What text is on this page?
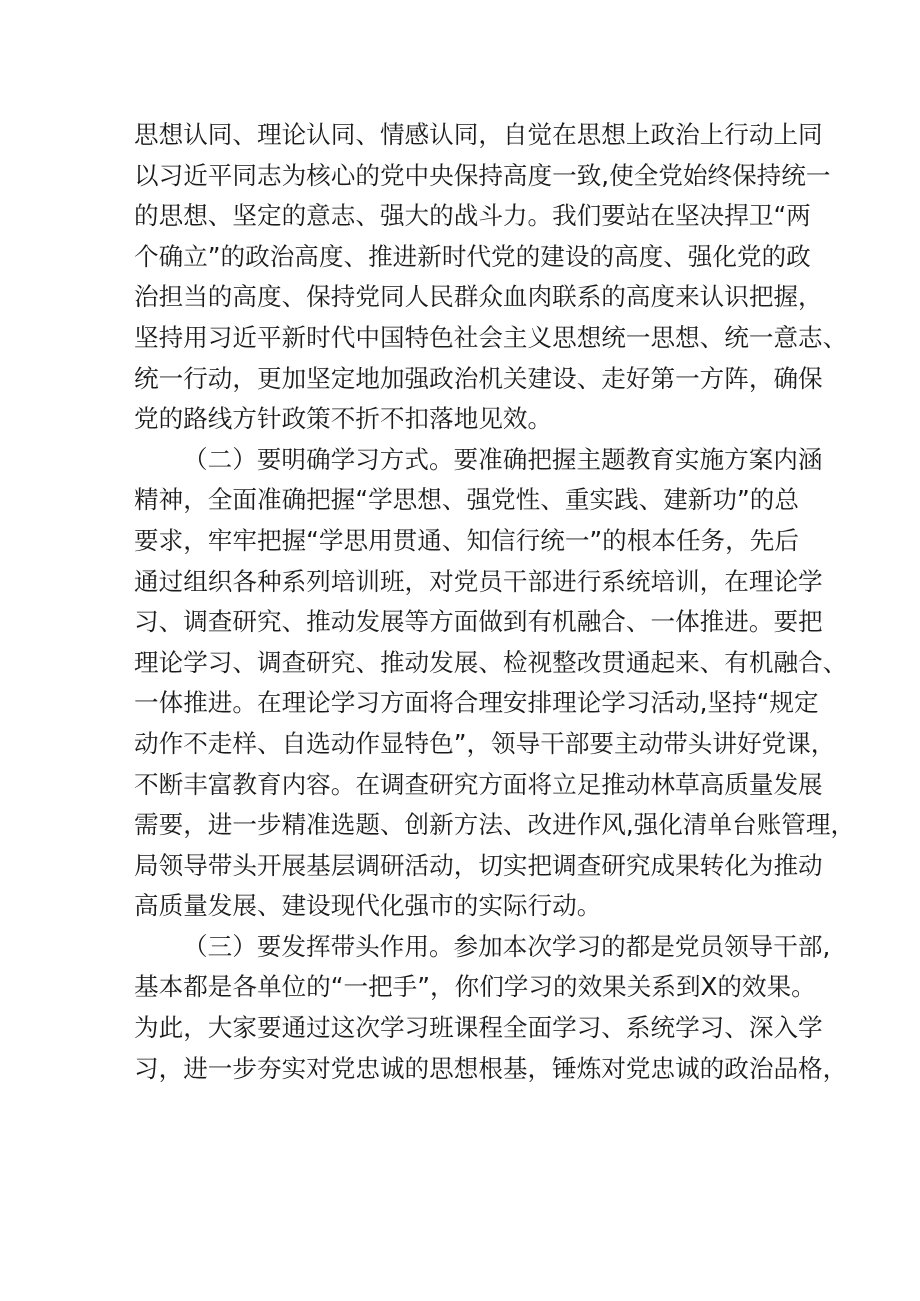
思想认同、理论认同、情感认同，自觉在思想上政治上行动上同
以习近平同志为核心的党中央保持高度一致,使全党始终保持统一
的思想、坚定的意志、强大的战斗力。我们要站在坚决捍卫“两
个确立”的政治高度、推进新时代党的建设的高度、强化党的政
治担当的高度、保持党同人民群众血肉联系的高度来认识把握，
坚持用习近平新时代中国特色社会主义思想统一思想、统一意志、
统一行动，更加坚定地加强政治机关建设、走好第一方阵，确保
党的路线方针政策不折不扣落地见效。
（二）要明确学习方式。要准确把握主题教育实施方案内涵
精神，全面准确把握“学思想、强党性、重实践、建新功”的总
要求，牢牢把握“学思用贯通、知信行统一”的根本任务，先后
通过组织各种系列培训班，对党员干部进行系统培训，在理论学
习、调查研究、推动发展等方面做到有机融合、一体推进。要把
理论学习、调查研究、推动发展、检视整改贯通起来、有机融合、
一体推进。在理论学习方面将合理安排理论学习活动,坚持“规定
动作不走样、自选动作显特色”，领导干部要主动带头讲好党课，
不断丰富教育内容。在调查研究方面将立足推动林草高质量发展
需要，进一步精准选题、创新方法、改进作风,强化清单台账管理，
局领导带头开展基层调研活动，切实把调查研究成果转化为推动
高质量发展、建设现代化强市的实际行动。
（三）要发挥带头作用。参加本次学习的都是党员领导干部,
基本都是各单位的“一把手”，你们学习的效果关系到X的效果。
为此，大家要通过这次学习班课程全面学习、系统学习、深入学
习，进一步夯实对党忠诚的思想根基，锤炼对党忠诚的政治品格，
